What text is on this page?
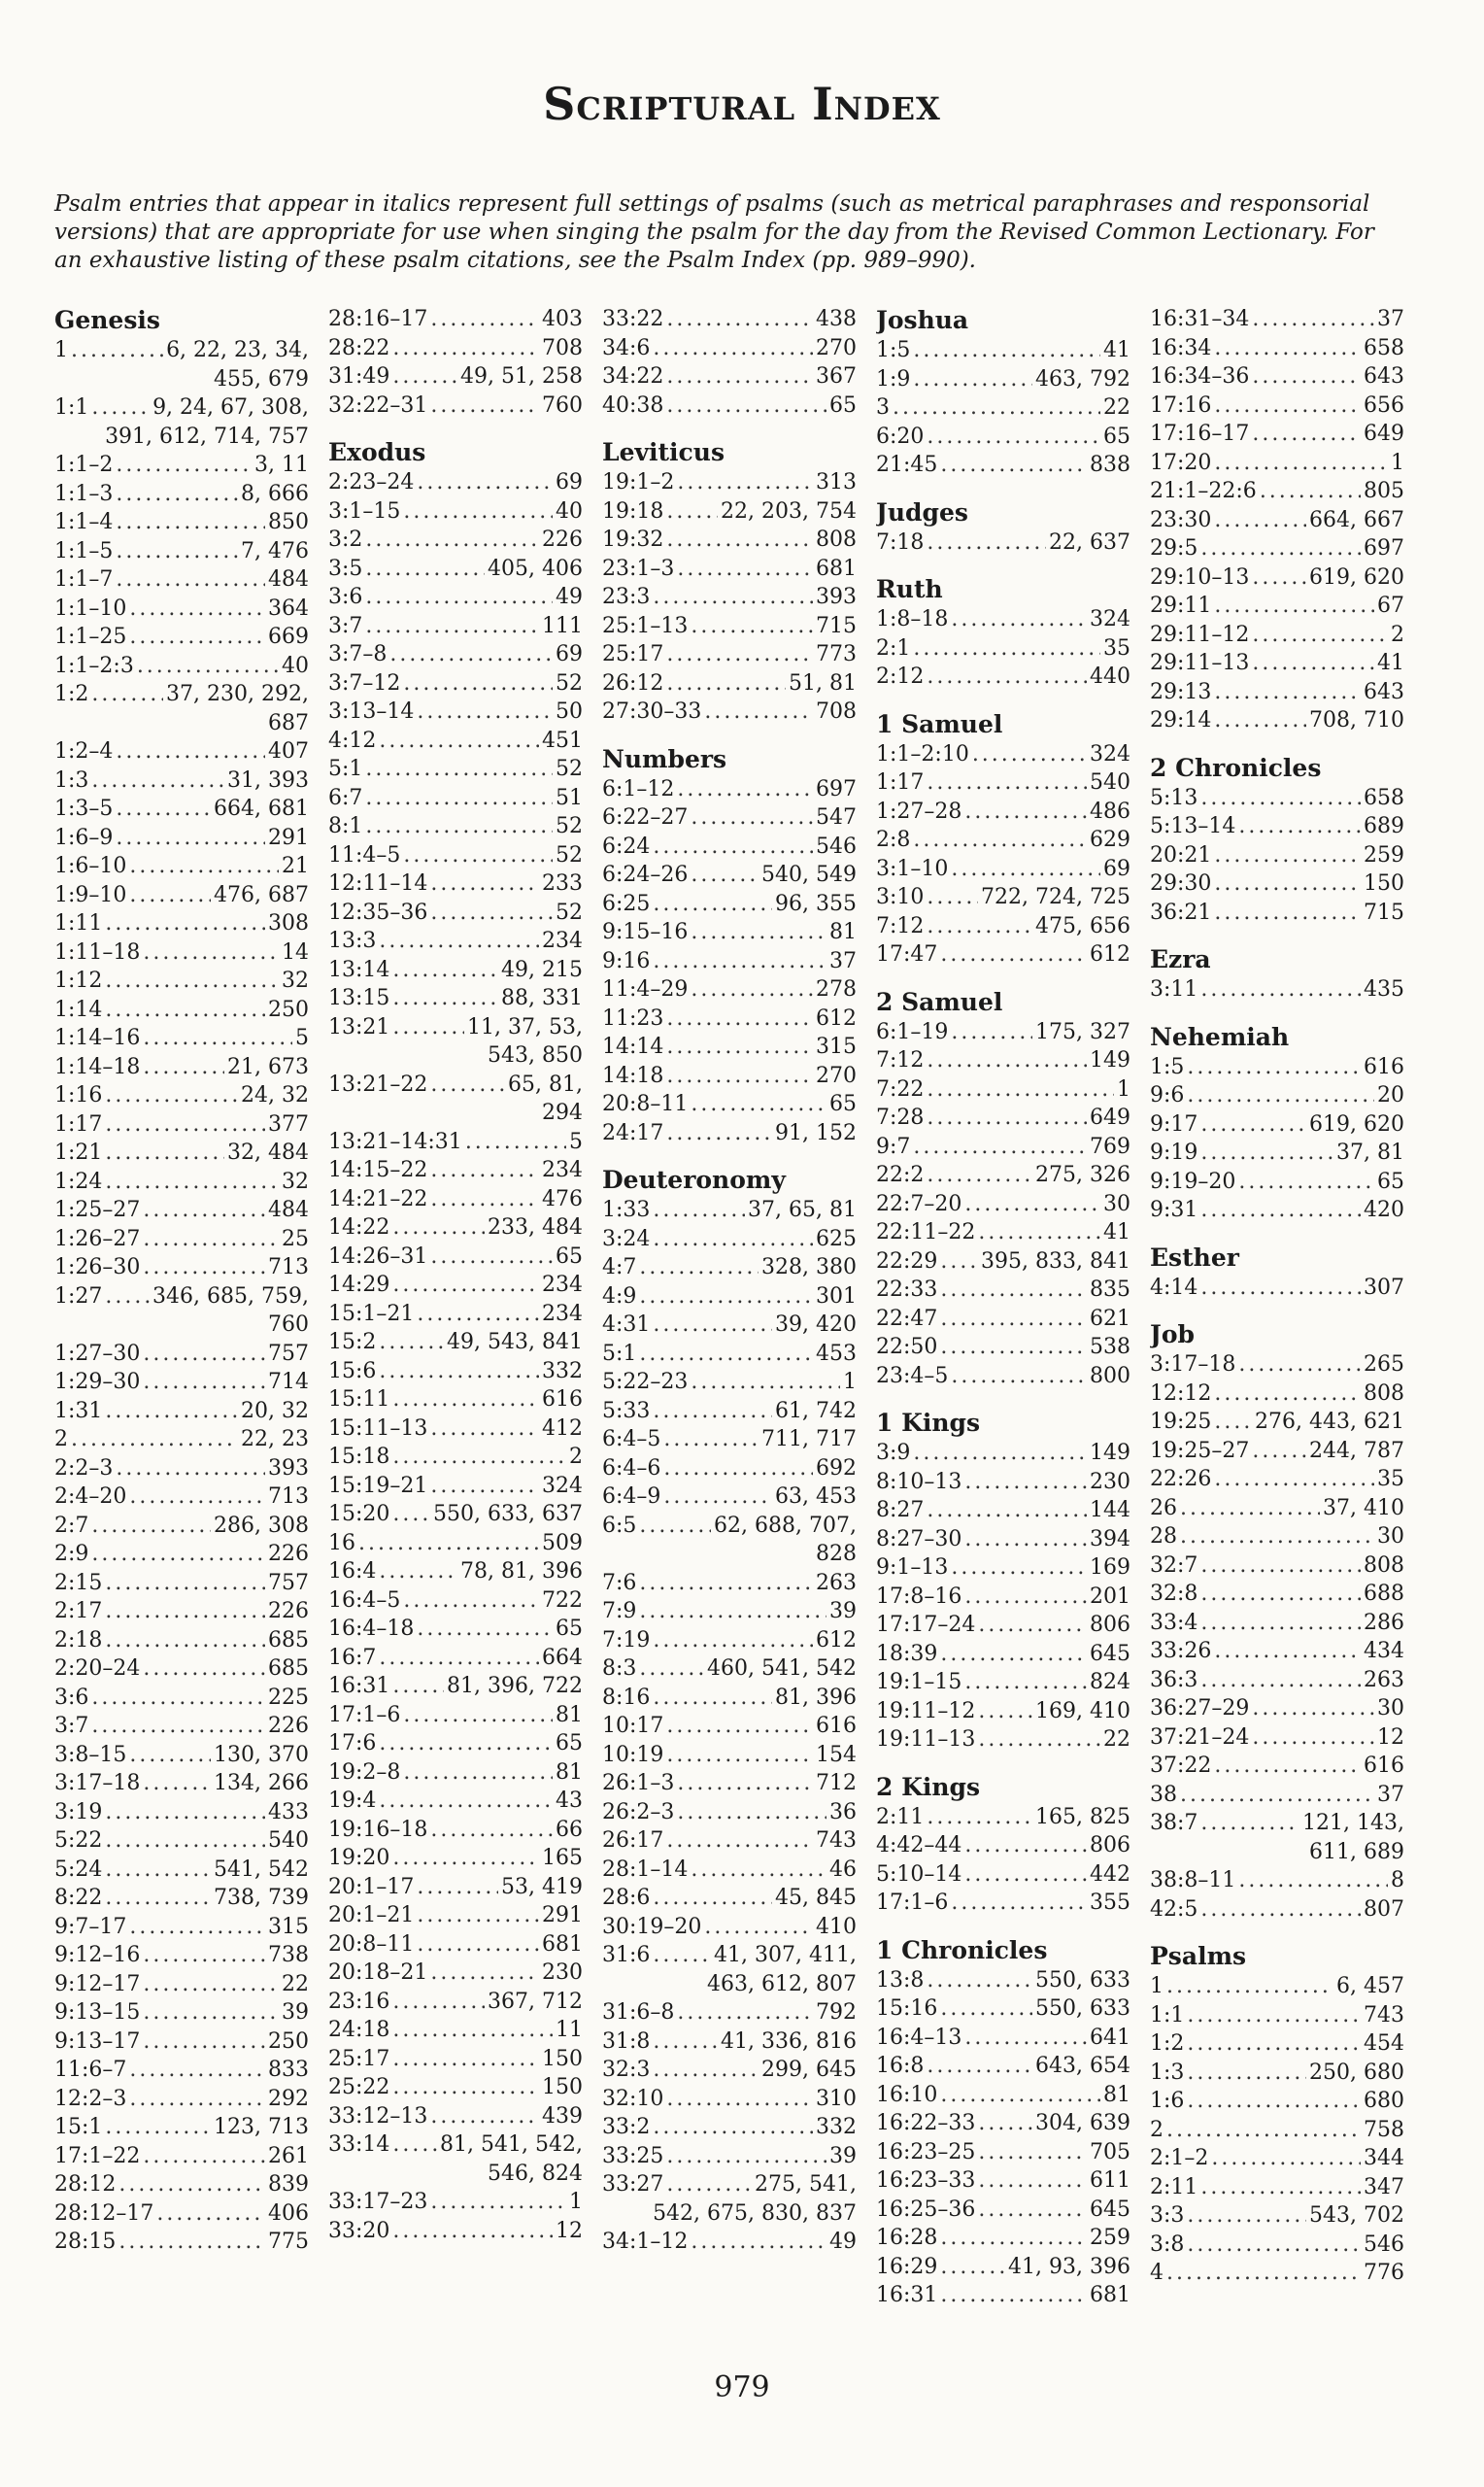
Scriptural Index

Psalm entries that appear in italics represent full settings of psalms (such as metrical paraphrases and responsorial versions) that are appropriate for use when singing the psalm for the day from the Revised Common Lectionary. For an exhaustive listing of these psalm citations, see the Psalm Index (pp. 989–990).

Genesis
1 .....	6, 22, 23, 34,
455, 679
1:1 .....	9, 24, 67, 308,
391, 612, 714, 757
1:1–2 .....	3, 11
1:1–3 .....	8, 666
1:1–4 .....	850
1:1–5 .....	7, 476
1:1–7 .....	484
1:1–10 .....	364
1:1–25 .....	669
1:1–2:3 .....	40
1:2 .....	37, 230, 292,
687
1:2–4 .....	407
1:3 .....	31, 393
1:3–5 .....	664, 681
1:6–9 .....	291
1:6–10 .....	21
1:9–10 .....	476, 687
1:11 .....	308
1:11–18 .....	14
1:12 .....	32
1:14 .....	250
1:14–16 .....	5
1:14–18 .....	21, 673
1:16 .....	24, 32
1:17 .....	377
1:21 .....	32, 484
1:24 .....	32
1:25–27 .....	484
1:26–27 .....	25
1:26–30 .....	713
1:27 ..... 346, 685, 759,
760
1:27–30 .....	757
1:29–30 .....	714
1:31 .....	20, 32
2 .....	22, 23
2:2–3 .....	393
2:4–20 .....	713
2:7 .....	286, 308
2:9 .....	226
2:15 .....	757
2:17 .....	226
2:18 .....	685
2:20–24 .....	685
3:6 .....	225
3:7 .....	226
3:8–15 .....	130, 370
3:17–18 .....	134, 266
3:19 .....	433
5:22 .....	540
5:24 .....	541, 542
8:22 .....	738, 739
9:7–17 .....	315
9:12–16 .....	738
9:12–17 .....	22
9:13–15 .....	39
9:13–17 .....	250
11:6–7 .....	833
12:2–3 .....	292
15:1 .....	123, 713
17:1–22 .....	261
28:12 .....	839
28:12–17 .....	406
28:15 .....	775
28:16–17 .....	403
28:22 .....	708
31:49 .....	49, 51, 258
32:22–31 .....	760
Exodus
2:23–24 .....	69
3:1–15 .....	40
3:2 .....	226
3:5 .....	405, 406
3:6 .....	49
3:7 .....	111
3:7–8 .....	69
3:7–12 .....	52
3:13–14 .....	50
4:12 .....	451
5:1 .....	52
6:7 .....	51
8:1 .....	52
11:4–5 .....	52
12:11–14 .....	233
12:35–36 .....	52
13:3 .....	234
13:14 .....	49, 215
13:15 .....	88, 331
13:21 .....	11, 37, 53,
543, 850
13:21–22 .....	65, 81,
294
13:21–14:31 .....	5
14:15–22 .....	234
14:21–22 .....	476
14:22 .....	233, 484
14:26–31 .....	65
14:29 .....	234
15:1–21 .....	234
15:2 .....	49, 543, 841
15:6 .....	332
15:11 .....	616
15:11–13 .....	412
15:18 .....	2
15:19–21 .....	324
15:20 ..... 550, 633, 637
16 .....	509
16:4 .....	78, 81, 396
16:4–5 .....	722
16:4–18 .....	65
16:7 .....	664
16:31 .....	81, 396, 722
17:1–6 .....	81
17:6 .....	65
19:2–8 .....	81
19:4 .....	43
19:16–18 .....	66
19:20 .....	165
20:1–17 .....	53, 419
20:1–21 .....	291
20:8–11 .....	681
20:18–21 .....	230
23:16 .....	367, 712
24:18 .....	11
25:17 .....	150
25:22 .....	150
33:12–13 .....	439
33:14 ..... 81, 541, 542,
546, 824
33:17–23 .....	1
33:20 .....	12
33:22 .....	438
34:6 .....	270
34:22 .....	367
40:38 .....	65
Leviticus
19:1–2 .....	313
19:18 .....	22, 203, 754
19:32 .....	808
23:1–3 .....	681
23:3 .....	393
25:1–13 .....	715
25:17 .....	773
26:12 .....	51, 81
27:30–33 .....	708
Numbers
6:1–12 .....	697
6:22–27 .....	547
6:24 .....	546
6:24–26 .....	540, 549
6:25 .....	96, 355
9:15–16 .....	81
9:16 .....	37
11:4–29 .....	278
11:23 .....	612
14:14 .....	315
14:18 .....	270
20:8–11 .....	65
24:17 .....	91, 152
Deuteronomy
1:33 .....	37, 65, 81
3:24 .....	625
4:7 .....	328, 380
4:9 .....	301
4:31 .....	39, 420
5:1 .....	453
5:22–23 .....	1
5:33 .....	61, 742
6:4–5 .....	711, 717
6:4–6 .....	692
6:4–9 .....	63, 453
6:5 .....	62, 688, 707,
828
7:6 .....	263
7:9 .....	39
7:19 .....	612
8:3 .....	460, 541, 542
8:16 .....	81, 396
10:17 .....	616
10:19 .....	154
26:1–3 .....	712
26:2–3 .....	36
26:17 .....	743
28:1–14 .....	46
28:6 .....	45, 845
30:19–20 .....	410
31:6 .....	41, 307, 411,
463, 612, 807
31:6–8 .....	792
31:8 .....	41, 336, 816
32:3 .....	299, 645
32:10 .....	310
33:2 .....	332
33:25 .....	39
33:27 .....	275, 541,
542, 675, 830, 837
34:1–12 .....	49
Joshua
1:5 .....	41
1:9 .....	463, 792
3 .....	22
6:20 .....	65
21:45 .....	838
Judges
7:18 .....	22, 637
Ruth
1:8–18 .....	324
2:1 .....	35
2:12 .....	440
1 Samuel
1:1–2:10 .....	324
1:17 .....	540
1:27–28 .....	486
2:8 .....	629
3:1–10 .....	69
3:10 .....	722, 724, 725
7:12 .....	475, 656
17:47 .....	612
2 Samuel
6:1–19 .....	175, 327
7:12 .....	149
7:22 .....	1
7:28 .....	649
9:7 .....	769
22:2 .....	275, 326
22:7–20 .....	30
22:11–22 .....	41
22:29 ..... 395, 833, 841
22:33 .....	835
22:47 .....	621
22:50 .....	538
23:4–5 .....	800
1 Kings
3:9 .....	149
8:10–13 .....	230
8:27 .....	144
8:27–30 .....	394
9:1–13 .....	169
17:8–16 .....	201
17:17–24 .....	806
18:39 .....	645
19:1–15 .....	824
19:11–12 .....	169, 410
19:11–13 .....	22
2 Kings
2:11 .....	165, 825
4:42–44 .....	806
5:10–14 .....	442
17:1–6 .....	355
1 Chronicles
13:8 .....	550, 633
15:16 .....	550, 633
16:4–13 .....	641
16:8 .....	643, 654
16:10 .....	81
16:22–33 .....	304, 639
16:23–25 .....	705
16:23–33 .....	611
16:25–36 .....	645
16:28 .....	259
16:29 .....	41, 93, 396
16:31 .....	681
16:31–34 .....	37
16:34 .....	658
16:34–36 .....	643
17:16 .....	656
17:16–17 .....	649
17:20 .....	1
21:1–22:6 .....	805
23:30 .....	664, 667
29:5 .....	697
29:10–13 .....	619, 620
29:11 .....	67
29:11–12 .....	2
29:11–13 .....	41
29:13 .....	643
29:14 .....	708, 710
2 Chronicles
5:13 .....	658
5:13–14 .....	689
20:21 .....	259
29:30 .....	150
36:21 .....	715
Ezra
3:11 .....	435
Nehemiah
1:5 .....	616
9:6 .....	20
9:17 .....	619, 620
9:19 .....	37, 81
9:19–20 .....	65
9:31 .....	420
Esther
4:14 .....	307
Job
3:17–18 .....	265
12:12 .....	808
19:25 ..... 276, 443, 621
19:25–27 .....	244, 787
22:26 .....	35
26 .....	37, 410
28 .....	30
32:7 .....	808
32:8 .....	688
33:4 .....	286
33:26 .....	434
36:3 .....	263
36:27–29 .....	30
37:21–24 .....	12
37:22 .....	616
38 .....	37
38:7 .....	121, 143,
611, 689
38:8–11 .....	8
42:5 .....	807
Psalms
1 .....	6, 457
1:1 .....	743
1:2 .....	454
1:3 .....	250, 680
1:6 .....	680
2 .....	758
2:1–2 .....	344
2:11 .....	347
3:3 .....	543, 702
3:8 .....	546
4 .....	776
979
